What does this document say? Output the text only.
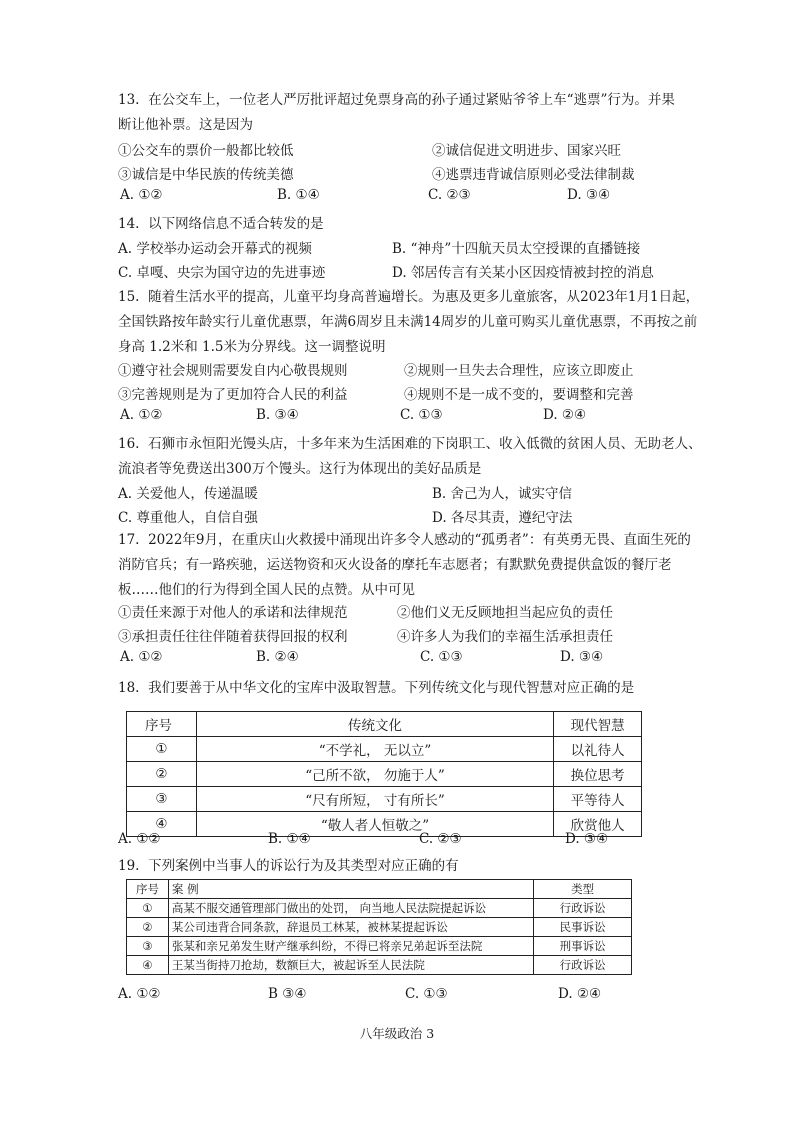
13. 在公交车上，一位老人严厉批评超过免票身高的孙子通过紧贴爷爷上车“逃票”行为。并果
断让他补票。这是因为
①公交车的票价一般都比较低	②诚信促进文明进步、国家兴旺
③诚信是中华民族的传统美德	④逃票违背诚信原则必受法律制裁
A. ①②	B. ①④	C. ②③	D. ③④
14. 以下网络信息不适合转发的是
A. 学校举办运动会开幕式的视频	B. “神舟”十四航天员太空授课的直播链接
C. 卓嘎、央宗为国守边的先进事迹	D. 邻居传言有关某小区因疫情被封控的消息
15. 随着生活水平的提高，儿童平均身高普遍增长。为惠及更多儿童旅客，从2023年1月1日起，
全国铁路按年龄实行儿童优惠票，年满6周岁且未满14周岁的儿童可购买儿童优惠票，不再按之前
身高 1.2米和 1.5米为分界线。这一调整说明
①遵守社会规则需要发自内心敬畏规则	②规则一旦失去合理性，应该立即废止
③完善规则是为了更加符合人民的利益	④规则不是一成不变的，要调整和完善
A. ①②	B. ③④	C. ①③	D. ②④
16. 石狮市永恒阳光馒头店，十多年来为生活困难的下岗职工、收入低微的贫困人员、无助老人、
流浪者等免费送出300万个馒头。这行为体现出的美好品质是
A. 关爱他人，传递温暖	B. 舍己为人，诚实守信
C. 尊重他人，自信自强	D. 各尽其责，遵纪守法
17. 2022年9月，在重庆山火救援中涌现出许多令人感动的“孤勇者”：有英勇无畏、直面生死的
消防官兵；有一路疾驰，运送物资和灭火设备的摩托车志愿者；有默默免费提供盒饭的餐厅老
板……他们的行为得到全国人民的点赞。从中可见
①责任来源于对他人的承诺和法律规范	②他们义无反顾地担当起应负的责任
③承担责任往往伴随着获得回报的权利	④许多人为我们的幸福生活承担责任
A. ①②	B. ②④	C. ①③	D. ③④
18. 我们要善于从中华文化的宝库中汲取智慧。下列传统文化与现代智慧对应正确的是
序号	传统文化	现代智慧
①	“不学礼， 无以立”	以礼待人
②	“己所不欲， 勿施于人”	换位思考
③	“尺有所短， 寸有所长”	平等待人
④	“敬人者人恒敬之”	欣赏他人
A. ①②	B. ①④	C. ②③	D. ③④
19. 下列案例中当事人的诉讼行为及其类型对应正确的有
序号	案 例	类型
①	高某不服交通管理部门做出的处罚， 向当地人民法院提起诉讼	行政诉讼
②	某公司违背合同条款，辞退员工林某，被林某提起诉讼	民事诉讼
③	张某和亲兄弟发生财产继承纠纷，不得已将亲兄弟起诉至法院	刑事诉讼
④	王某当街持刀抢劫，数额巨大，被起诉至人民法院	行政诉讼
A. ①②	B ③④	C. ①③	D. ②④
八年级政治 3
